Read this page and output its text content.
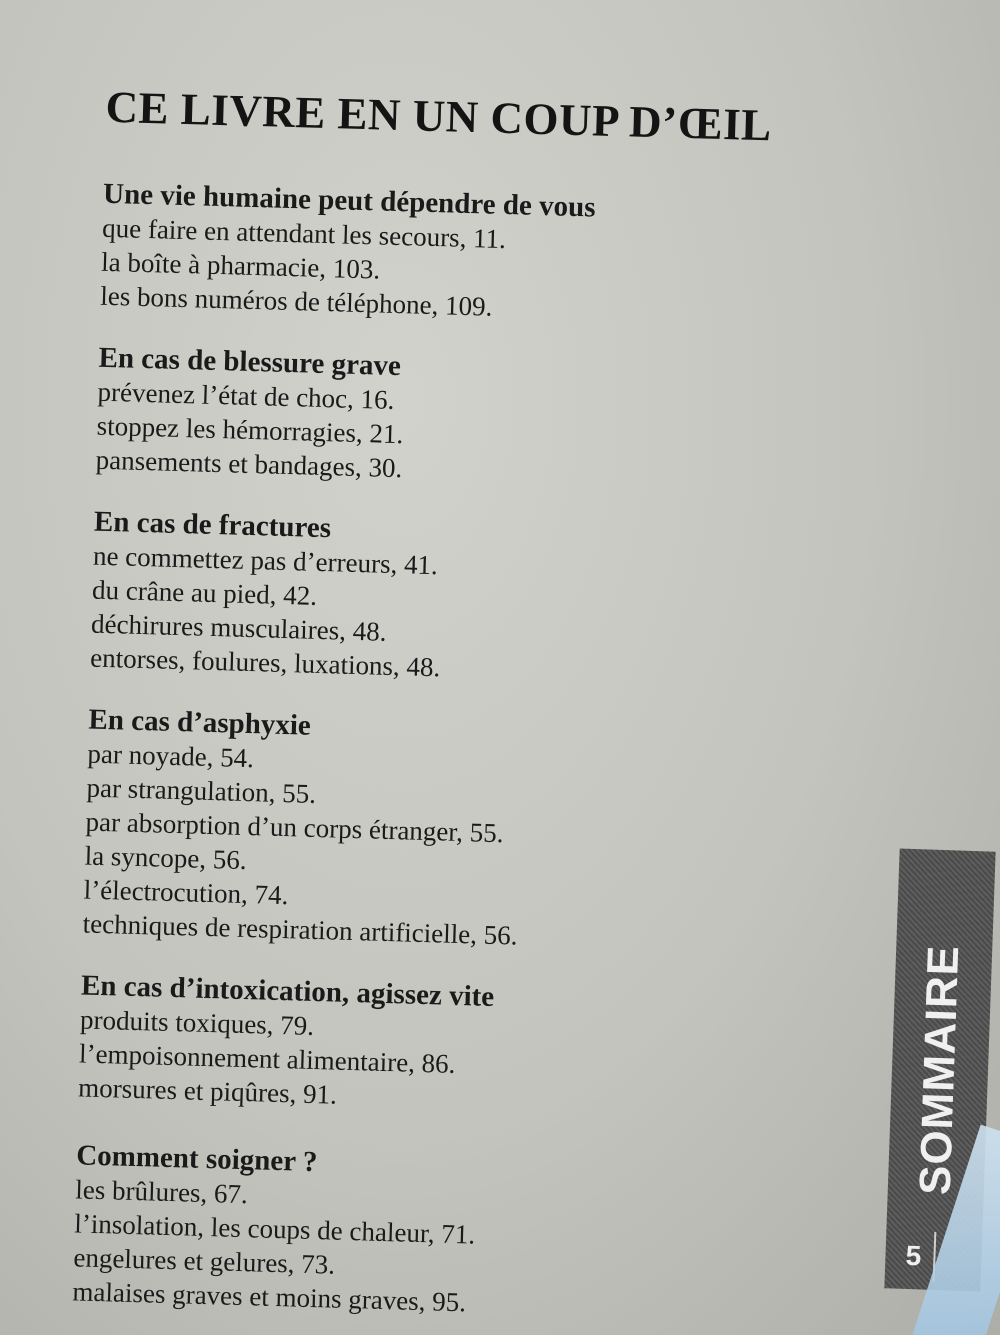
CE LIVRE EN UN COUP D’ŒIL
Une vie humaine peut dépendre de vous
que faire en attendant les secours, 11.
la boîte à pharmacie, 103.
les bons numéros de téléphone, 109.
En cas de blessure grave
prévenez l’état de choc, 16.
stoppez les hémorragies, 21.
pansements et bandages, 30.
En cas de fractures
ne commettez pas d’erreurs, 41.
du crâne au pied, 42.
déchirures musculaires, 48.
entorses, foulures, luxations, 48.
En cas d’asphyxie
par noyade, 54.
par strangulation, 55.
par absorption d’un corps étranger, 55.
la syncope, 56.
l’électrocution, 74.
techniques de respiration artificielle, 56.
En cas d’intoxication, agissez vite
produits toxiques, 79.
l’empoisonnement alimentaire, 86.
morsures et piqûres, 91.
Comment soigner ?
les brûlures, 67.
l’insolation, les coups de chaleur, 71.
engelures et gelures, 73.
malaises graves et moins graves, 95.
SOMMAIRE
5
